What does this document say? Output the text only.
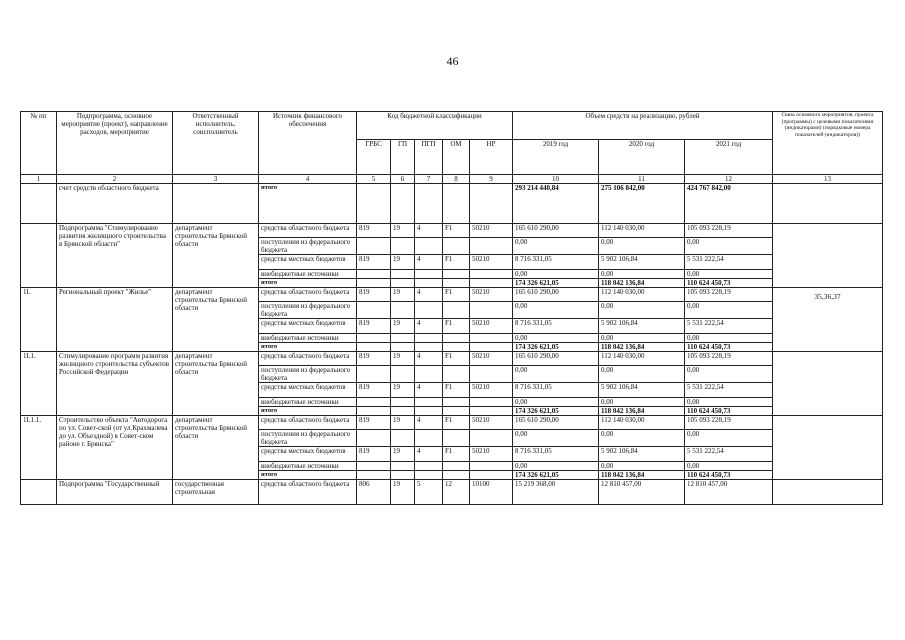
46
№ пп	Подпрограмма, основное мероприятие (проект), направление расходов, мероприятие	Ответственный исполнитель, соисполнитель	Источник финансового обеспечения	Код бюджетной классификации					Объем средств на реализацию, рублей			Связь основного мероприятия, проекта (программы) с целевыми показателями (индикаторами) (порядковые номера показателей (индикаторов))
				ГРБС	ГП	ПГП	ОМ	НР	2019 год	2020 год	2021 год	
1	2	3	4	5	6	7	8	9	10	11	12	13
	счет средств областного бюджета		итого						293 214 440,84	275 106 842,00	424 767 842,00	
	Подпрограмма "Стимулирование развития жилищного строительства в Брянской области"	департамент строительства Брянской области	средства областного бюджета	819	19	4	F1	50210	165 610 290,00	112 140 030,00	105 093 228,19	
			поступления из федерального бюджета						0,00	0,00	0,00	
			средства местных бюджетов	819	19	4	F1	50210	8 716 331,05	5 902 106,84	5 531 222,54	
			внебюджетные источники						0,00	0,00	0,00	
			итого						174 326 621,05	118 042 136,84	110 624 450,73	
1I.	Региональный проект "Жилье"	департамент строительства Брянской области	средства областного бюджета	819	19	4	F1	50210	165 610 290,00	112 140 030,00	105 093 228,19	35,36,37
			поступления из федерального бюджета						0,00	0,00	0,00	
			средства местных бюджетов	819	19	4	F1	50210	8 716 331,05	5 902 106,84	5 531 222,54	
			внебюджетные источники						0,00	0,00	0,00	
			итого						174 326 621,05	118 042 136,84	110 624 450,73	
1I.1.	Стимулирование программ развития жилищного строительства субъектов Российской Федерации	департамент строительства Брянской области	средства областного бюджета	819	19	4	F1	50210	165 610 290,00	112 140 030,00	105 093 228,19	
			поступления из федерального бюджета						0,00	0,00	0,00	
			средства местных бюджетов	819	19	4	F1	50210	8 716 331,05	5 902 106,84	5 531 222,54	
			внебюджетные источники						0,00	0,00	0,00	
			итого						174 326 621,05	118 042 136,84	110 624 450,73	
1I.1.1.	Строительство объекта "Автодорога по ул. Совет-ской (от ул.Крахмалева до ул. Объездной) в Совет-ском районе г. Брянска"	департамент строительства Брянской области	средства областного бюджета	819	19	4	F1	50210	165 610 290,00	112 140 030,00	105 093 228,19	
			поступления из федерального бюджета						0,00	0,00	0,00	
			средства местных бюджетов	819	19	4	F1	50210	8 716 331,05	5 902 106,84	5 531 222,54	
			внебюджетные источники						0,00	0,00	0,00	
			итого						174 326 621,05	118 042 136,84	110 624 450,73	
	Подпрограмма "Государственный	государственная строительная	средства областного бюджета	806	19	5	12	10100	15 219 368,00	12 810 457,00	12 810 457,00	
